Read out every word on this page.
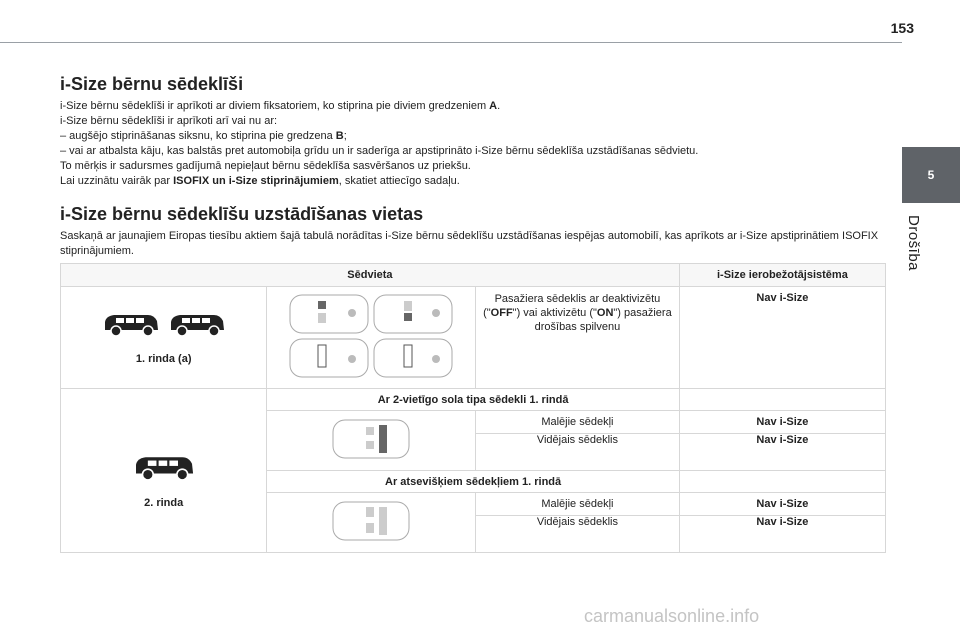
153
5
Drošība
i-Size bērnu sēdeklīši
i-Size bērnu sēdeklīši ir aprīkoti ar diviem fiksatoriem, ko stiprina pie diviem gredzeniem A.
i-Size bērnu sēdeklīši ir aprīkoti arī vai nu ar:
– augšējo stiprināšanas siksnu, ko stiprina pie gredzena B;
– vai ar atbalsta kāju, kas balstās pret automobiļa grīdu un ir saderīga ar apstiprināto i-Size bērnu sēdeklīša uzstādīšanas sēdvietu.
To mērķis ir sadursmes gadījumā nepieļaut bērnu sēdeklīša sasvēršanos uz priekšu.
Lai uzzinātu vairāk par ISOFIX un i-Size stiprinājumiem, skatiet attiecīgo sadaļu.
i-Size bērnu sēdeklīšu uzstādīšanas vietas
Saskaņā ar jaunajiem Eiropas tiesību aktiem šajā tabulā norādītas i-Size bērnu sēdeklīšu uzstādīšanas iespējas automobilī, kas aprīkots ar i-Size apstiprinātiem ISOFIX stiprinājumiem.
Sēdvieta			i-Size ierobežotājsistēma

1. rinda (a)		Pasažiera sēdeklis ar deaktivizētu ("OFF") vai aktivizētu ("ON") pasažiera drošības spilvenu	Nav i-Size

2. rinda	Ar 2-vietīgo sola tipa sēdekli 1. rindā		
	Malējie sēdekļi	Nav i-Size
		Vidējais sēdeklis	Nav i-Size
	Ar atsevišķiem sēdekļiem 1. rindā		
	Malējie sēdekļi	Nav i-Size
		Vidējais sēdeklis	Nav i-Size
carmanualsonline.info
